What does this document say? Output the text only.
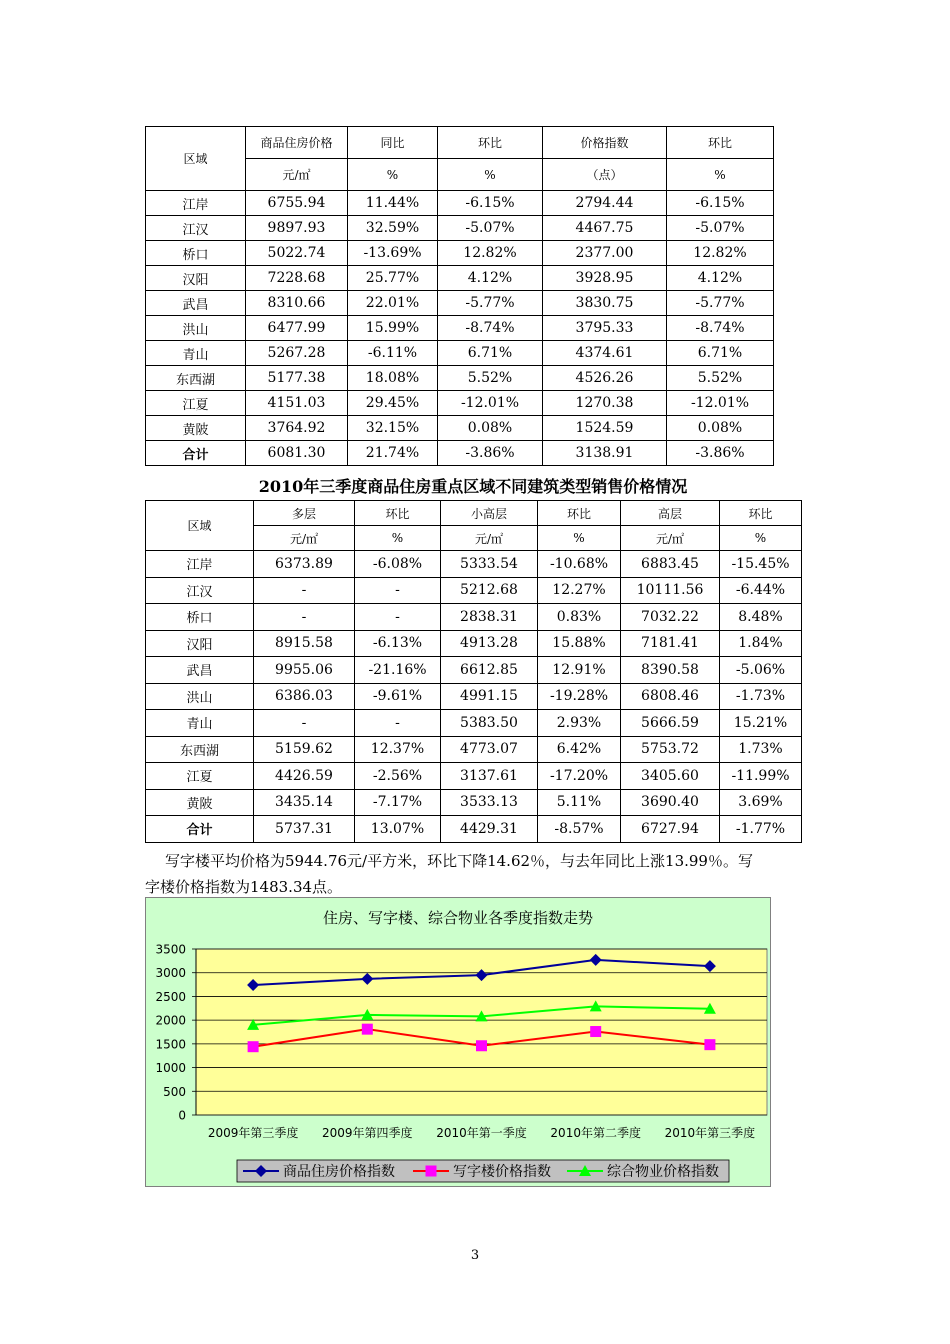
区域	商品住房价格	同比	环比	价格指数	环比
	元/㎡	%	%	（点）	%
江岸	6755.94	11.44%	-6.15%	2794.44	-6.15%
江汉	9897.93	32.59%	-5.07%	4467.75	-5.07%
桥口	5022.74	-13.69%	12.82%	2377.00	12.82%
汉阳	7228.68	25.77%	4.12%	3928.95	4.12%
武昌	8310.66	22.01%	-5.77%	3830.75	-5.77%
洪山	6477.99	15.99%	-8.74%	3795.33	-8.74%
青山	5267.28	-6.11%	6.71%	4374.61	6.71%
东西湖	5177.38	18.08%	5.52%	4526.26	5.52%
江夏	4151.03	29.45%	-12.01%	1270.38	-12.01%
黄陂	3764.92	32.15%	0.08%	1524.59	0.08%
合计	6081.30	21.74%	-3.86%	3138.91	-3.86%
2010年三季度商品住房重点区域不同建筑类型销售价格情况
区域	多层	环比	小高层	环比	高层	环比
	元/㎡	%	元/㎡	%	元/㎡	%
江岸	6373.89	-6.08%	5333.54	-10.68%	6883.45	-15.45%
江汉	-	-	5212.68	12.27%	10111.56	-6.44%
桥口	-	-	2838.31	0.83%	7032.22	8.48%
汉阳	8915.58	-6.13%	4913.28	15.88%	7181.41	1.84%
武昌	9955.06	-21.16%	6612.85	12.91%	8390.58	-5.06%
洪山	6386.03	-9.61%	4991.15	-19.28%	6808.46	-1.73%
青山	-	-	5383.50	2.93%	5666.59	15.21%
东西湖	5159.62	12.37%	4773.07	6.42%	5753.72	1.73%
江夏	4426.59	-2.56%	3137.61	-17.20%	3405.60	-11.99%
黄陂	3435.14	-7.17%	3533.13	5.11%	3690.40	3.69%
合计	5737.31	13.07%	4429.31	-8.57%	6727.94	-1.77%
写字楼平均价格为5944.76元/平方米，环比下降14.62％，与去年同比上涨13.99％。写
字楼价格指数为1483.34点。
住房、写字楼、综合物业各季度指数走势
0
500
1000
1500
2000
2500
3000
3500
2009年第三季度 2009年第四季度 2010年第一季度 2010年第二季度 2010年第三季度
商品住房价格指数	写字楼价格指数	综合物业价格指数
3
